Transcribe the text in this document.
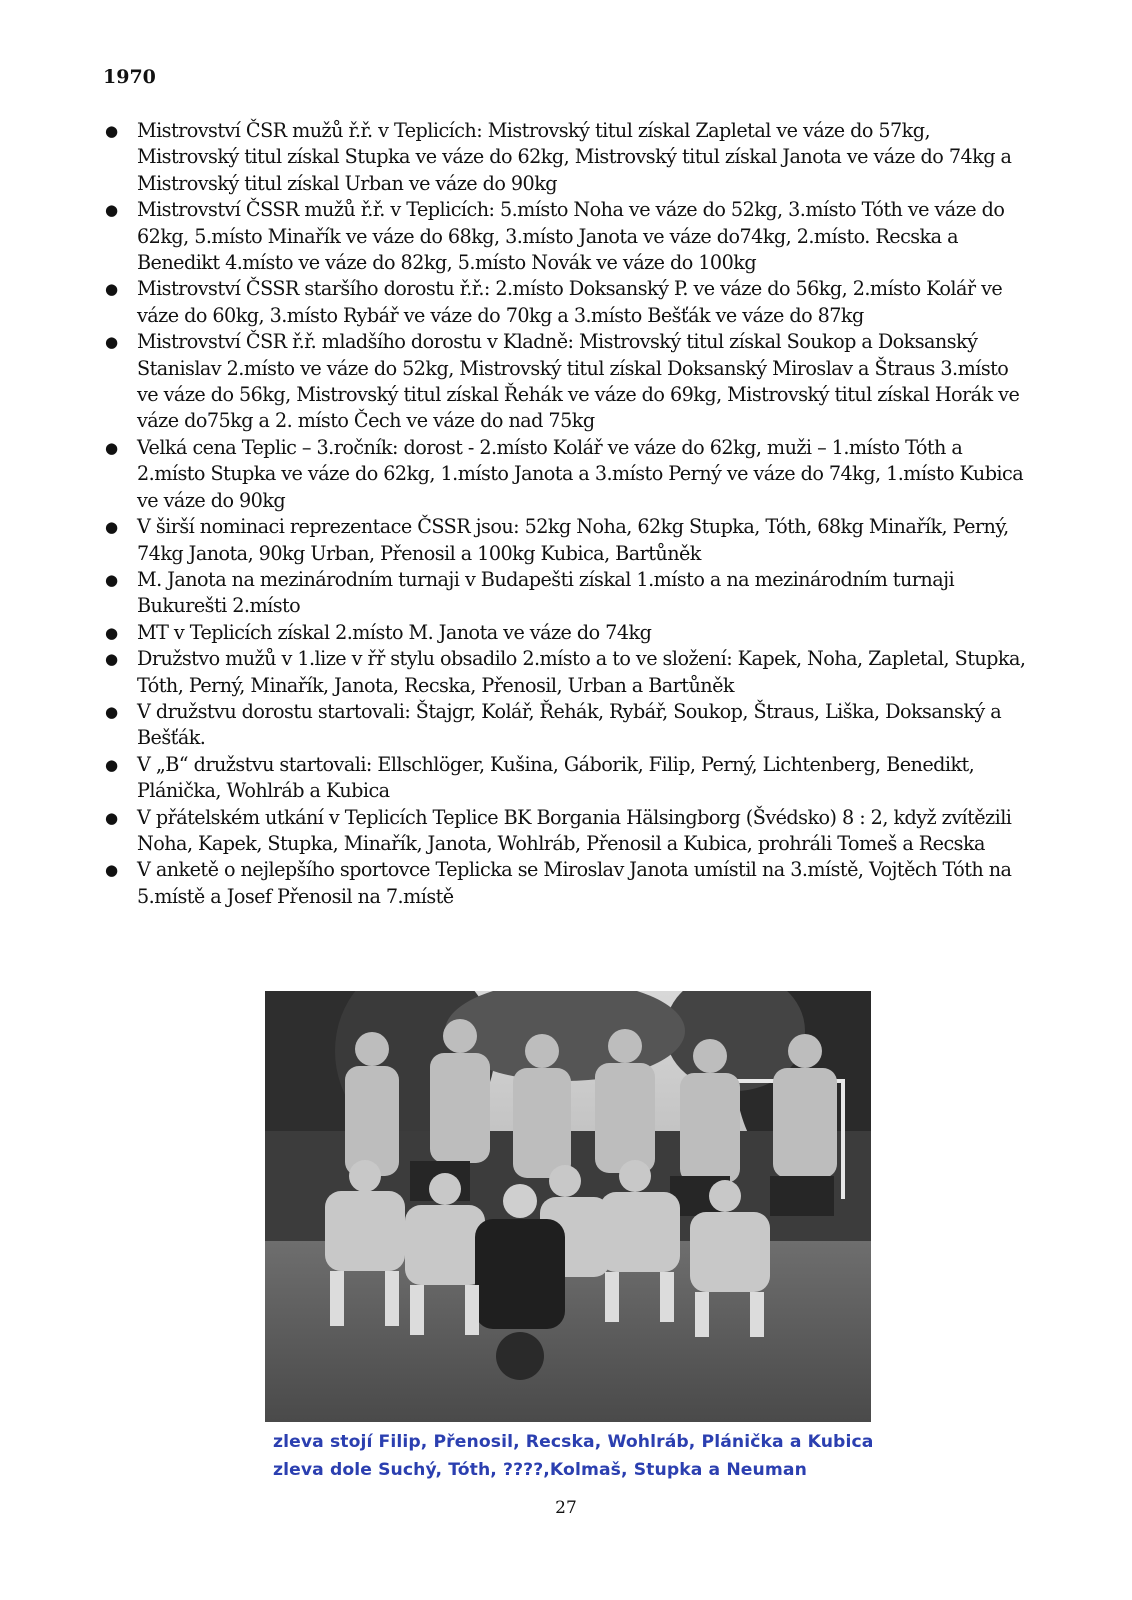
1970
● Mistrovství ČSR mužů ř.ř. v Teplicích: Mistrovský titul získal Zapletal ve váze do 57kg, Mistrovský titul získal Stupka ve váze do 62kg, Mistrovský titul získal Janota ve váze do 74kg a Mistrovský titul získal Urban ve váze do 90kg
● Mistrovství ČSSR mužů ř.ř. v Teplicích: 5.místo Noha ve váze do 52kg, 3.místo Tóth ve váze do 62kg, 5.místo Minařík ve váze do 68kg, 3.místo Janota ve váze do74kg, 2.místo. Recska a Benedikt 4.místo ve váze do 82kg, 5.místo Novák ve váze do 100kg
● Mistrovství ČSSR staršího dorostu ř.ř.: 2.místo Doksanský P. ve váze do 56kg, 2.místo Kolář ve váze do 60kg, 3.místo Rybář ve váze do 70kg a 3.místo Bešťák ve váze do 87kg
● Mistrovství ČSR ř.ř. mladšího dorostu v Kladně: Mistrovský titul získal Soukop a Doksanský Stanislav 2.místo ve váze do 52kg, Mistrovský titul získal Doksanský Miroslav a Štraus 3.místo ve váze do 56kg, Mistrovský titul získal Řehák ve váze do 69kg, Mistrovský titul získal Horák ve váze do75kg a 2. místo Čech ve váze do nad 75kg
● Velká cena Teplic – 3.ročník: dorost - 2.místo Kolář ve váze do 62kg, muži – 1.místo Tóth a 2.místo Stupka ve váze do 62kg, 1.místo Janota a 3.místo Perný ve váze do 74kg, 1.místo Kubica ve váze do 90kg
● V širší nominaci reprezentace ČSSR jsou: 52kg Noha, 62kg Stupka, Tóth, 68kg Minařík, Perný, 74kg Janota, 90kg Urban, Přenosil a 100kg Kubica, Bartůněk
● M. Janota na mezinárodním turnaji v Budapešti získal 1.místo a na mezinárodním turnaji Bukurešti 2.místo
● MT v Teplicích získal 2.místo M. Janota ve váze do 74kg
● Družstvo mužů v 1.lize v řř stylu obsadilo 2.místo a to ve složení: Kapek, Noha, Zapletal, Stupka, Tóth, Perný, Minařík, Janota, Recska, Přenosil, Urban a Bartůněk
● V družstvu dorostu startovali: Štajgr, Kolář, Řehák, Rybář, Soukop, Štraus, Liška, Doksanský a Bešťák.
● V „B“ družstvu startovali: Ellschlöger, Kušina, Gáborik, Filip, Perný, Lichtenberg, Benedikt, Plánička, Wohlráb a Kubica
● V přátelském utkání v Teplicích Teplice BK Borgania Hälsingborg (Švédsko) 8 : 2, když zvítězili Noha, Kapek, Stupka, Minařík, Janota, Wohlráb, Přenosil a Kubica, prohráli Tomeš a Recska
● V anketě o nejlepšího sportovce Teplicka se Miroslav Janota umístil na 3.místě, Vojtěch Tóth na 5.místě a Josef Přenosil na 7.místě
zleva stojí Filip, Přenosil, Recska, Wohlráb, Plánička a Kubica
zleva dole Suchý, Tóth, ????,Kolmaš, Stupka a Neuman
27
